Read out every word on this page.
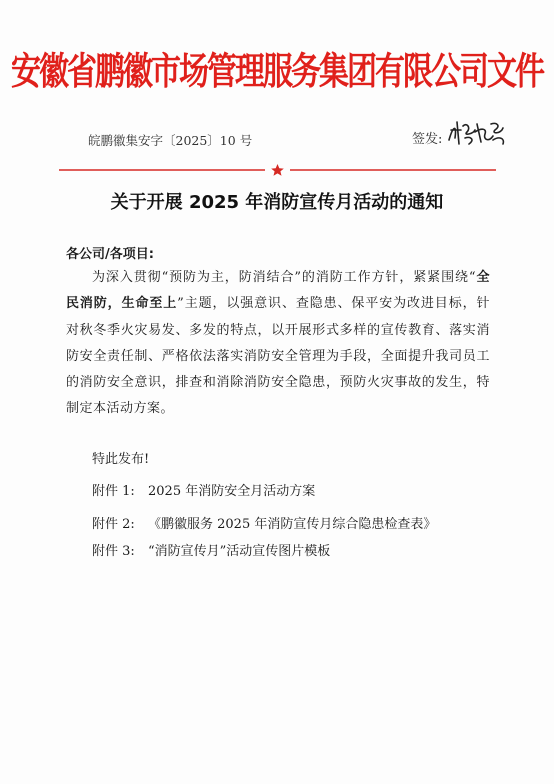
安徽省鹏徽市场管理服务集团有限公司文件
皖鹏徽集安字〔2025〕10 号	签发:
关于开展 2025 年消防宣传月活动的通知
各公司/各项目:
为深入贯彻“预防为主，防消结合”的消防工作方针，紧紧围绕“全民消防，生命至上”主题，以强意识、查隐患、保平安为改进目标，针对秋冬季火灾易发、多发的特点，以开展形式多样的宣传教育、落实消防安全责任制、严格依法落实消防安全管理为手段，全面提升我司员工的消防安全意识，排查和消除消防安全隐患，预防火灾事故的发生，特制定本活动方案。
特此发布!
附件 1: 2025 年消防安全月活动方案
附件 2: 《鹏徽服务 2025 年消防宣传月综合隐患检查表》
附件 3: “消防宣传月”活动宣传图片模板
